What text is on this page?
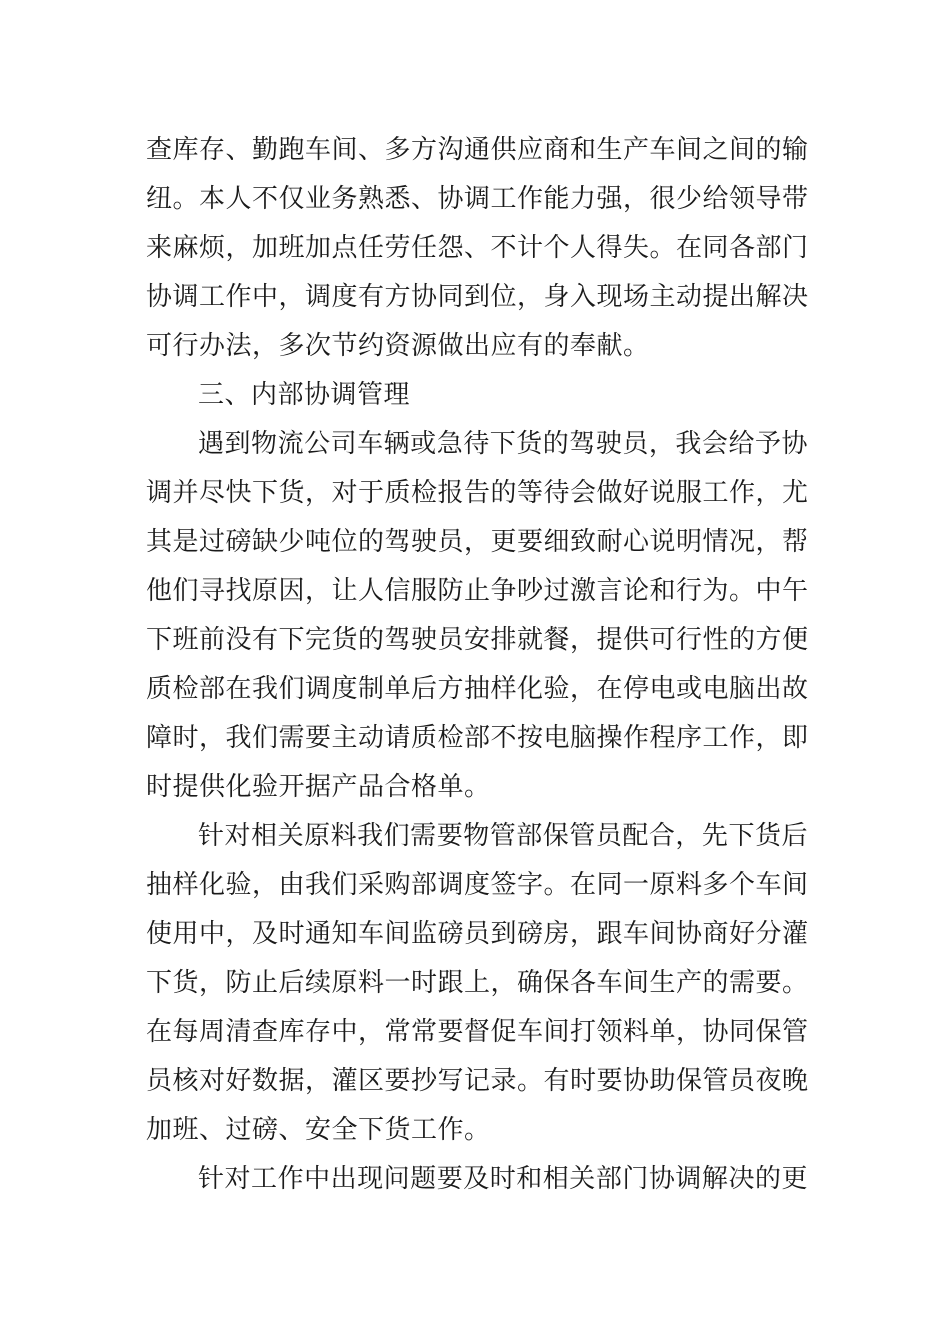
查库存、勤跑车间、多方沟通供应商和生产车间之间的输
纽。本人不仅业务熟悉、协调工作能力强，很少给领导带
来麻烦，加班加点任劳任怨、不计个人得失。在同各部门
协调工作中，调度有方协同到位，身入现场主动提出解决
可行办法，多次节约资源做出应有的奉献。
三、内部协调管理
遇到物流公司车辆或急待下货的驾驶员，我会给予协
调并尽快下货，对于质检报告的等待会做好说服工作，尤
其是过磅缺少吨位的驾驶员，更要细致耐心说明情况，帮
他们寻找原因，让人信服防止争吵过激言论和行为。中午
下班前没有下完货的驾驶员安排就餐，提供可行性的方便
质检部在我们调度制单后方抽样化验，在停电或电脑出故
障时，我们需要主动请质检部不按电脑操作程序工作，即
时提供化验开据产品合格单。
针对相关原料我们需要物管部保管员配合，先下货后
抽样化验，由我们采购部调度签字。在同一原料多个车间
使用中，及时通知车间监磅员到磅房，跟车间协商好分灌
下货，防止后续原料一时跟上，确保各车间生产的需要。
在每周清查库存中，常常要督促车间打领料单，协同保管
员核对好数据，灌区要抄写记录。有时要协助保管员夜晚
加班、过磅、安全下货工作。
针对工作中出现问题要及时和相关部门协调解决的更
